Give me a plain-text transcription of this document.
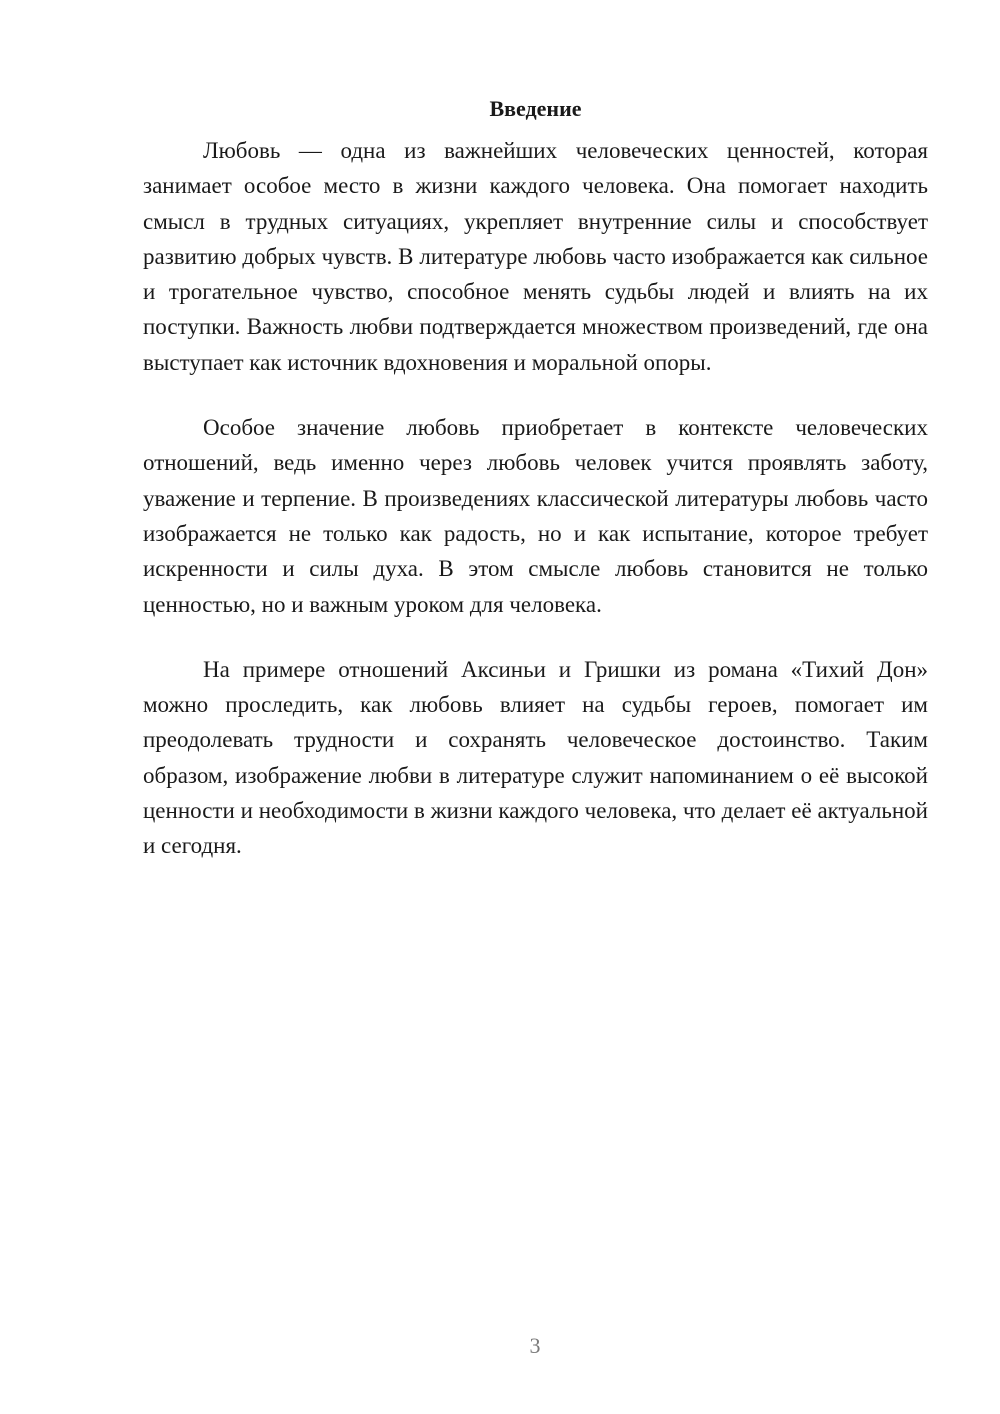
Введение

Любовь — одна из важнейших человеческих ценностей, которая занимает особое место в жизни каждого человека. Она помогает находить смысл в трудных ситуациях, укрепляет внутренние силы и способствует развитию добрых чувств. В литературе любовь часто изображается как сильное и трогательное чувство, способное менять судьбы людей и влиять на их поступки. Важность любви подтверждается множеством произведений, где она выступает как источник вдохновения и моральной опоры.

Особое значение любовь приобретает в контексте человеческих отношений, ведь именно через любовь человек учится проявлять заботу, уважение и терпение. В произведениях классической литературы любовь часто изображается не только как радость, но и как испытание, которое требует искренности и силы духа. В этом смысле любовь становится не только ценностью, но и важным уроком для человека.

На примере отношений Аксиньи и Гришки из романа «Тихий Дон» можно проследить, как любовь влияет на судьбы героев, помогает им преодолевать трудности и сохранять человеческое достоинство. Таким образом, изображение любви в литературе служит напоминанием о её высокой ценности и необходимости в жизни каждого человека, что делает её актуальной и сегодня.

3
